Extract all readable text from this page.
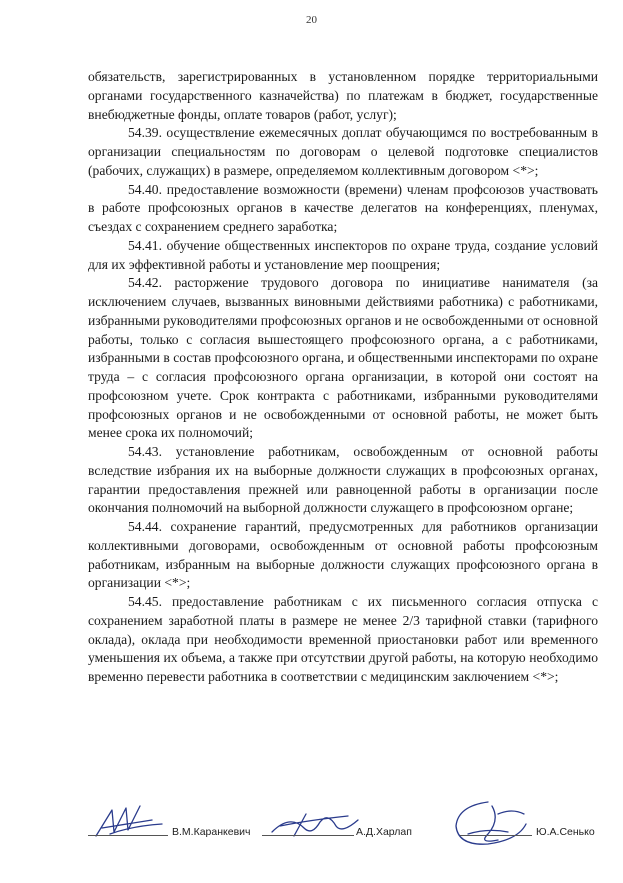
20

обязательств, зарегистрированных в установленном порядке территориальными органами государственного казначейства) по платежам в бюджет, государственные внебюджетные фонды, оплате товаров (работ, услуг);

54.39. осуществление ежемесячных доплат обучающимся по востребованным в организации специальностям по договорам о целевой подготовке специалистов (рабочих, служащих) в размере, определяемом коллективным договором <*>;

54.40. предоставление возможности (времени) членам профсоюзов участвовать в работе профсоюзных органов в качестве делегатов на конференциях, пленумах, съездах с сохранением среднего заработка;

54.41. обучение общественных инспекторов по охране труда, создание условий для их эффективной работы и установление мер поощрения;

54.42. расторжение трудового договора по инициативе нанимателя (за исключением случаев, вызванных виновными действиями работника) с работниками, избранными руководителями профсоюзных органов и не освобожденными от основной работы, только с согласия вышестоящего профсоюзного органа, а с работниками, избранными в состав профсоюзного органа, и общественными инспекторами по охране труда – с согласия профсоюзного органа организации, в которой они состоят на профсоюзном учете. Срок контракта с работниками, избранными руководителями профсоюзных органов и не освобожденными от основной работы, не может быть менее срока их полномочий;

54.43. установление работникам, освобожденным от основной работы вследствие избрания их на выборные должности служащих в профсоюзных органах, гарантии предоставления прежней или равноценной работы в организации после окончания полномочий на выборной должности служащего в профсоюзном органе;

54.44. сохранение гарантий, предусмотренных для работников организации коллективными договорами, освобожденным от основной работы профсоюзным работникам, избранным на выборные должности служащих профсоюзного органа в организации <*>;

54.45. предоставление работникам с их письменного согласия отпуска с сохранением заработной платы в размере не менее 2/3 тарифной ставки (тарифного оклада), оклада при необходимости временной приостановки работ или временного уменьшения их объема, а также при отсутствии другой работы, на которую необходимо временно перевести работника в соответствии с медицинским заключением <*>;

В.М.Каранкевич	А.Д.Харлап	Ю.А.Сенько
